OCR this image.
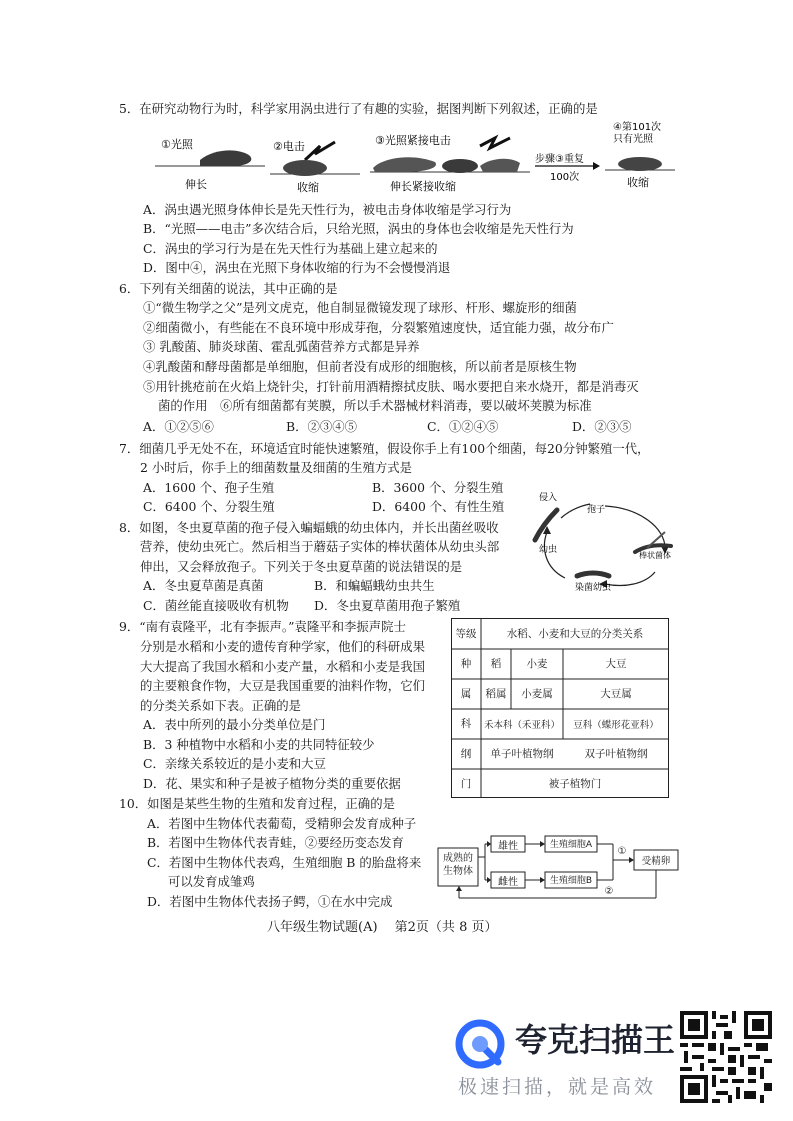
5．在研究动物行为时，科学家用涡虫进行了有趣的实验，据图判断下列叙述，正确的是
①光照
伸长
②电击
收缩
③光照紧接电击
伸长紧接收缩
步骤③重复
100次
④第101次
只有光照
收缩
A．涡虫遇光照身体伸长是先天性行为，被电击身体收缩是学习行为
B．“光照——电击”多次结合后，只给光照，涡虫的身体也会收缩是先天性行为
C．涡虫的学习行为是在先天性行为基础上建立起来的
D．图中④，涡虫在光照下身体收缩的行为不会慢慢消退
6．下列有关细菌的说法，其中正确的是
①“微生物学之父”是列文虎克，他自制显微镜发现了球形、杆形、螺旋形的细菌
②细菌微小，有些能在不良环境中形成芽孢，分裂繁殖速度快，适宜能力强，故分布广
③ 乳酸菌、肺炎球菌、霍乱弧菌营养方式都是异养
④乳酸菌和酵母菌都是单细胞，但前者没有成形的细胞核，所以前者是原核生物
⑤用针挑疮前在火焰上烧针尖，打针前用酒精擦拭皮肤、喝水要把自来水烧开，都是消毒灭
菌的作用　⑥所有细菌都有荚膜，所以手术器械材料消毒，要以破坏荚膜为标准
A．①②⑤⑥	B．②③④⑤	C．①②④⑤	D．②③⑤
7．细菌几乎无处不在，环境适宜时能快速繁殖，假设你手上有100个细菌，每20分钟繁殖一代，
2 小时后，你手上的细菌数量及细菌的生殖方式是
A．1600 个、孢子生殖	B．3600 个、分裂生殖
C．6400 个、分裂生殖	D．6400 个、有性生殖
8．如图，冬虫夏草菌的孢子侵入蝙蝠蛾的幼虫体内，并长出菌丝吸收
营养，使幼虫死亡。然后相当于蘑菇子实体的棒状菌体从幼虫头部
伸出，又会释放孢子。下列关于冬虫夏草菌的说法错误的是
A．冬虫夏草菌是真菌	B．和蝙蝠蛾幼虫共生
C．菌丝能直接吸收有机物 D．冬虫夏草菌用孢子繁殖
侵入
孢子
幼虫
棒状菌体
染菌幼虫
9．“南有袁隆平，北有李振声。”袁隆平和李振声院士
分别是水稻和小麦的遗传育种学家，他们的科研成果
大大提高了我国水稻和小麦产量，水稻和小麦是我国
的主要粮食作物，大豆是我国重要的油料作物，它们
的分类关系如下表。正确的是
A．表中所列的最小分类单位是门
B．3 种植物中水稻和小麦的共同特征较少
C．亲缘关系较近的是小麦和大豆
D．花、果实和种子是被子植物分类的重要依据
等级	水稻、小麦和大豆的分类关系
种	稻	小麦	大豆
属	稻属	小麦属	大豆属
科	禾本科（禾亚科）	豆科（蝶形花亚科）
纲	单子叶植物纲	双子叶植物纲
门	被子植物门
10．如图是某些生物的生殖和发育过程，正确的是
A．若图中生物体代表葡萄，受精卵会发育成种子
B．若图中生物体代表青蛙，②要经历变态发育
C．若图中生物体代表鸡，生殖细胞 B 的胎盘将来
可以发育成雏鸡
D．若图中生物体代表扬子鳄，①在水中完成
成熟的
生物体
雄性
雌性
生殖细胞A
生殖细胞B
①
受精卵
②
八年级生物试题(A)　 第2页（共 8 页）
夸克扫描王
极速扫描，就是高效
